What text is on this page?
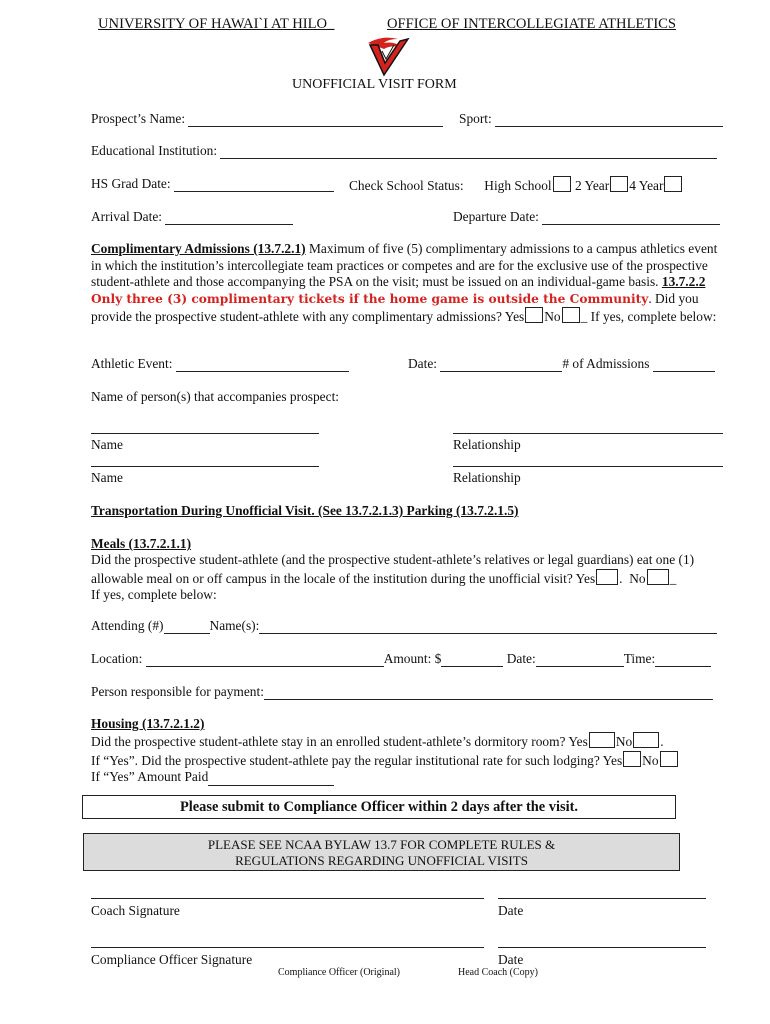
UNIVERSITY OF HAWAI`I AT HILO_	OFFICE OF INTERCOLLEGIATE ATHLETICS
UNOFFICIAL VISIT FORM
Prospect’s Name:	Sport:
Educational Institution:
HS Grad Date:	Check School Status: High School 2 Year 4 Year
Arrival Date:	Departure Date:
Complimentary Admissions (13.7.2.1) Maximum of five (5) complimentary admissions to a campus athletics event in which the institution’s intercollegiate team practices or competes and are for the exclusive use of the prospective student-athlete and those accompanying the PSA on the visit; must be issued on an individual-game basis. 13.7.2.2 Only three (3) complimentary tickets if the home game is outside the Community. Did you provide the prospective student-athlete with any complimentary admissions? Yes No _ If yes, complete below:
Athletic Event:	Date:	# of Admissions
Name of person(s) that accompanies prospect:
Name	Relationship
Name	Relationship
Transportation During Unofficial Visit. (See 13.7.2.1.3) Parking (13.7.2.1.5)
Meals (13.7.2.1.1)
Did the prospective student-athlete (and the prospective student-athlete’s relatives or legal guardians) eat one (1) allowable meal on or off campus in the locale of the institution during the unofficial visit? Yes .  No _
If yes, complete below:
Attending (#)	Name(s):
Location:	Amount: $	Date:	Time:
Person responsible for payment:
Housing (13.7.2.1.2)
Did the prospective student-athlete stay in an enrolled student-athlete’s dormitory room? Yes No .
If “Yes”. Did the prospective student-athlete pay the regular institutional rate for such lodging? Yes No
If “Yes” Amount Paid
Please submit to Compliance Officer within 2 days after the visit.
PLEASE SEE NCAA BYLAW 13.7 FOR COMPLETE RULES &
REGULATIONS REGARDING UNOFFICIAL VISITS
Coach Signature	Date
Compliance Officer Signature	Date
Compliance Officer (Original)	Head Coach (Copy)
